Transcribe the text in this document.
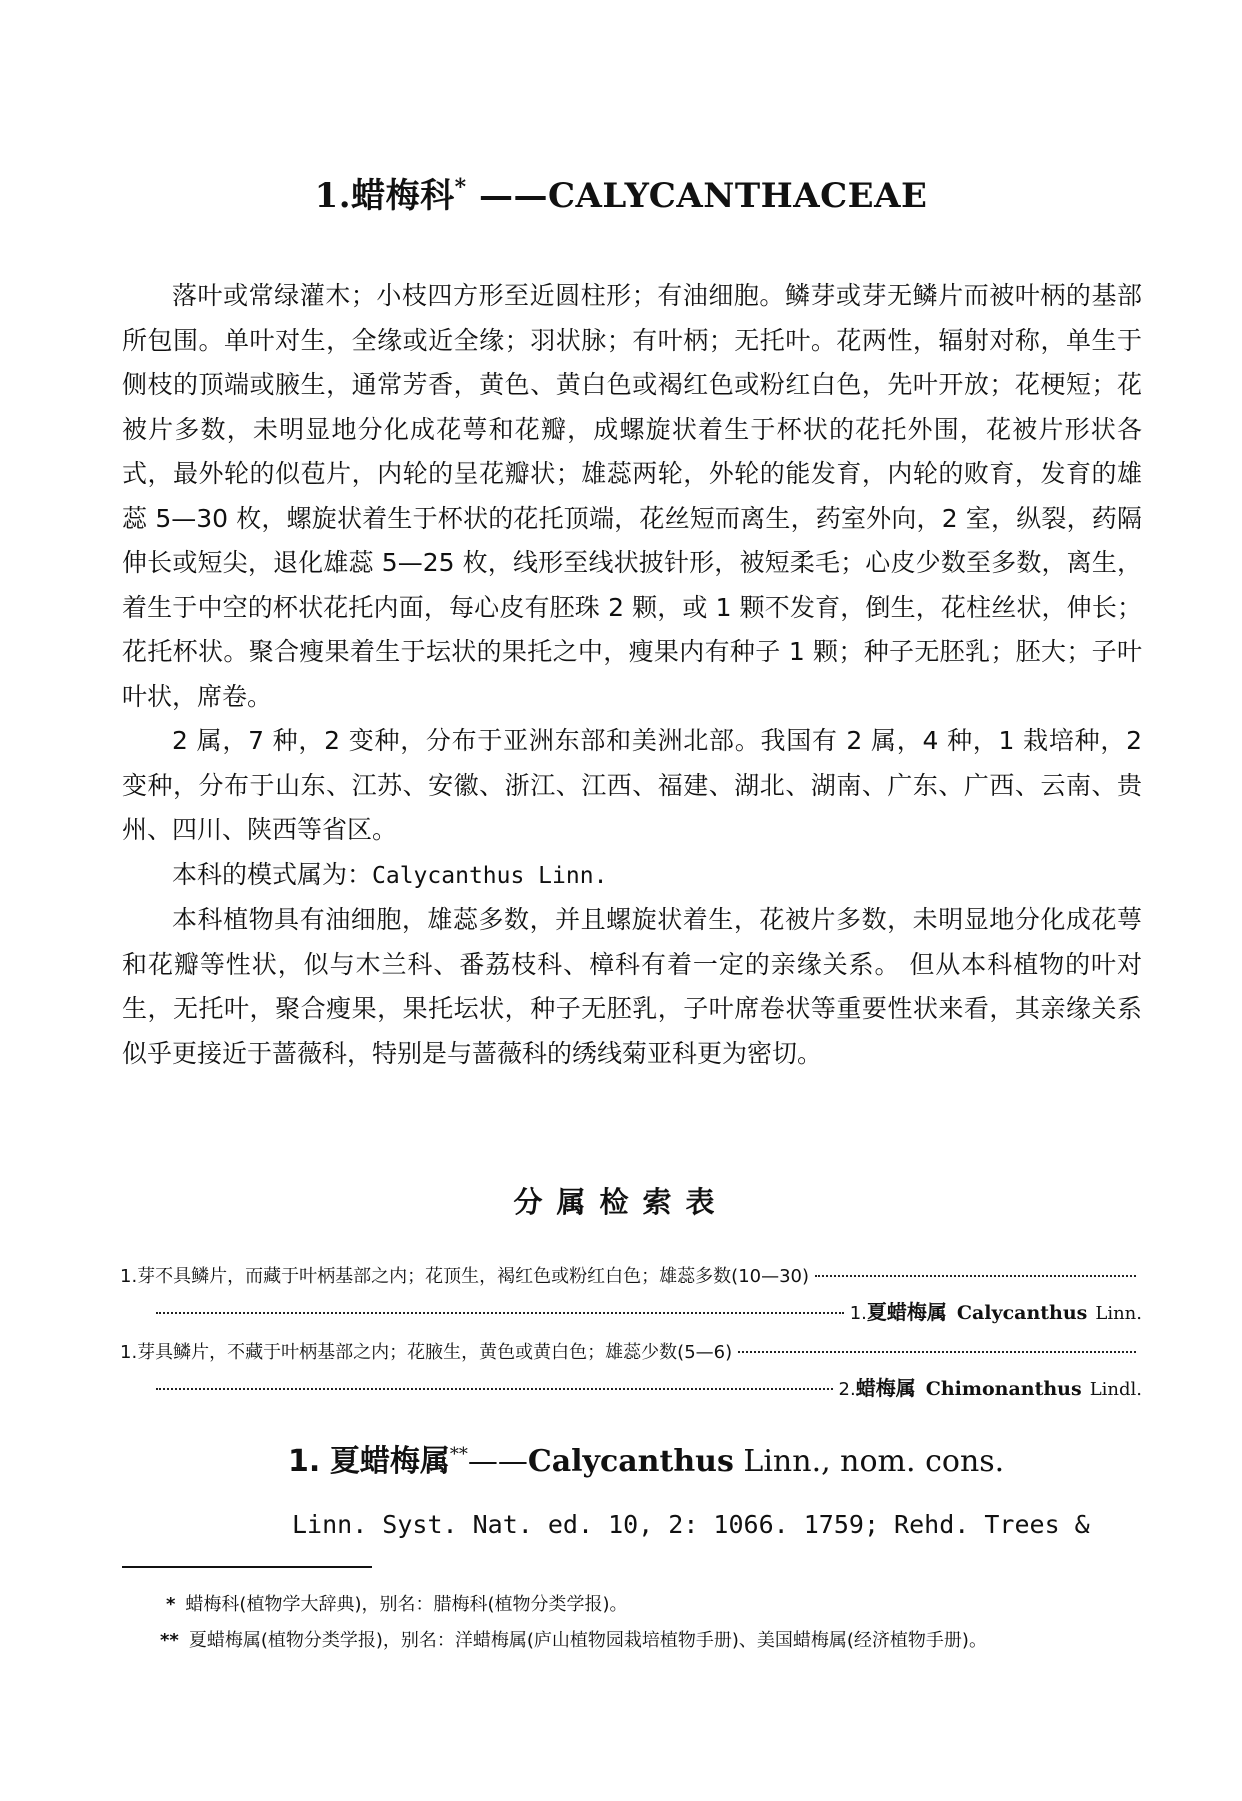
1.蜡梅科* ——CALYCANTHACEAE

落叶或常绿灌木；小枝四方形至近圆柱形；有油细胞。鳞芽或芽无鳞片而被叶柄的基部所包围。单叶对生，全缘或近全缘；羽状脉；有叶柄；无托叶。花两性，辐射对称，单生于侧枝的顶端或腋生，通常芳香，黄色、黄白色或褐红色或粉红白色，先叶开放；花梗短；花被片多数，未明显地分化成花萼和花瓣，成螺旋状着生于杯状的花托外围，花被片形状各式，最外轮的似苞片，内轮的呈花瓣状；雄蕊两轮，外轮的能发育，内轮的败育，发育的雄蕊 5—30 枚，螺旋状着生于杯状的花托顶端，花丝短而离生，药室外向，2 室，纵裂，药隔伸长或短尖，退化雄蕊 5—25 枚，线形至线状披针形，被短柔毛；心皮少数至多数，离生，着生于中空的杯状花托内面，每心皮有胚珠 2 颗，或 1 颗不发育，倒生，花柱丝状，伸长；花托杯状。聚合瘦果着生于坛状的果托之中，瘦果内有种子 1 颗；种子无胚乳；胚大；子叶叶状，席卷。

2 属，7 种，2 变种，分布于亚洲东部和美洲北部。我国有 2 属，4 种，1 栽培种，2 变种，分布于山东、江苏、安徽、浙江、江西、福建、湖北、湖南、广东、广西、云南、贵州、四川、陕西等省区。

本科的模式属为：Calycanthus Linn.

本科植物具有油细胞，雄蕊多数，并且螺旋状着生，花被片多数，未明显地分化成花萼和花瓣等性状，似与木兰科、番荔枝科、樟科有着一定的亲缘关系。 但从本科植物的叶对生，无托叶，聚合瘦果，果托坛状，种子无胚乳，子叶席卷状等重要性状来看，其亲缘关系似乎更接近于蔷薇科，特别是与蔷薇科的绣线菊亚科更为密切。

分属检索表
1.芽不具鳞片，而藏于叶柄基部之内；花顶生，褐红色或粉红白色；雄蕊多数(10—30)
1. 夏蜡梅属 Calycanthus Linn.
1.芽具鳞片，不藏于叶柄基部之内；花腋生，黄色或黄白色；雄蕊少数(5—6)
2. 蜡梅属 Chimonanthus Lindl.
1. 夏蜡梅属**——Calycanthus Linn., nom. cons.
Linn. Syst. Nat. ed. 10, 2: 1066. 1759; Rehd. Trees &
* 蜡梅科(植物学大辞典)，别名：腊梅科(植物分类学报)。
** 夏蜡梅属(植物分类学报)，别名：洋蜡梅属(庐山植物园栽培植物手册)、美国蜡梅属(经济植物手册)。
